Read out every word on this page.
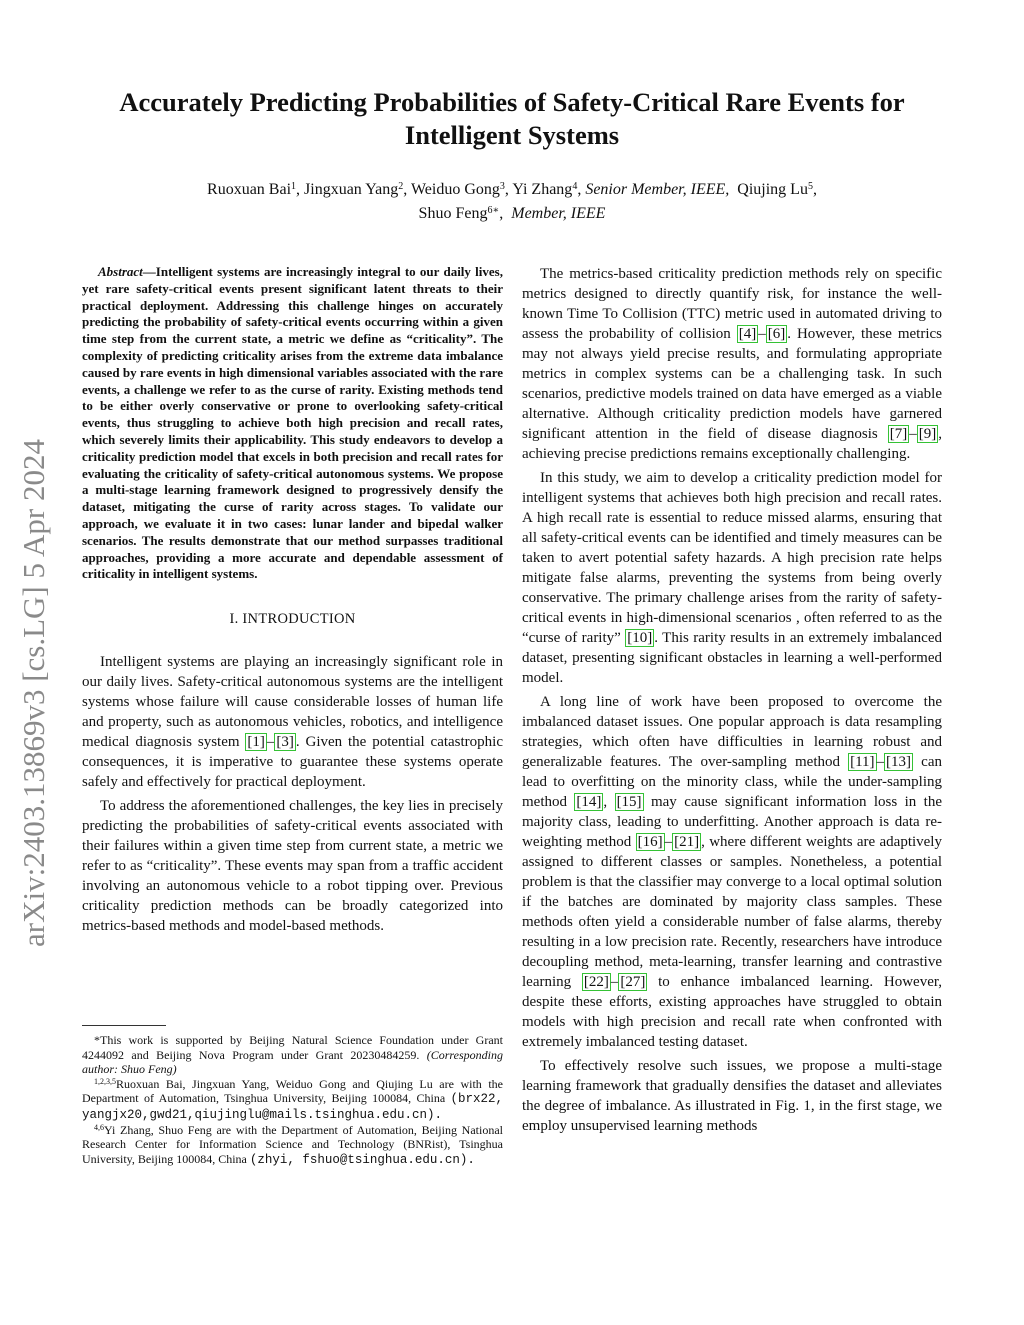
arXiv:2403.13869v3 [cs.LG] 5 Apr 2024
Accurately Predicting Probabilities of Safety-Critical Rare Events for Intelligent Systems
Ruoxuan Bai$^1$, Jingxuan Yang$^2$, Weiduo Gong$^3$, Yi Zhang$^4$, Senior Member, IEEE, Qiujing Lu$^5$,
Shuo Feng$^{6∗}$,  Member, IEEE

Abstract—Intelligent systems are increasingly integral to our daily lives, yet rare safety-critical events present significant latent threats to their practical deployment. Addressing this challenge hinges on accurately predicting the probability of safety-critical events occurring within a given time step from the current state, a metric we define as “criticality”. The complexity of predicting criticality arises from the extreme data imbalance caused by rare events in high dimensional variables associated with the rare events, a challenge we refer to as the curse of rarity. Existing methods tend to be either overly conservative or prone to overlooking safety-critical events, thus struggling to achieve both high precision and recall rates, which severely limits their applicability. This study endeavors to develop a criticality prediction model that excels in both precision and recall rates for evaluating the criticality of safety-critical autonomous systems. We propose a multi-stage learning framework designed to progressively densify the dataset, mitigating the curse of rarity across stages. To validate our approach, we evaluate it in two cases: lunar lander and bipedal walker scenarios. The results demonstrate that our method surpasses traditional approaches, providing a more accurate and dependable assessment of criticality in intelligent systems.

I. INTRODUCTION

Intelligent systems are playing an increasingly significant role in our daily lives. Safety-critical autonomous systems are the intelligent systems whose failure will cause considerable losses of human life and property, such as autonomous vehicles, robotics, and intelligence medical diagnosis system [1] – [3] . Given the potential catastrophic consequences, it is imperative to guarantee these systems operate safely and effectively for practical deployment.

To address the aforementioned challenges, the key lies in precisely predicting the probabilities of safety-critical events associated with their failures within a given time step from current state, a metric we refer to as “criticality”. These events may span from a traffic accident involving an autonomous vehicle to a robot tipping over. Previous criticality prediction methods can be broadly categorized into metrics-based methods and model-based methods.

*This work is supported by Beijing Natural Science Foundation under Grant 4244092 and Beijing Nova Program under Grant 20230484259. (Corresponding author: Shuo Feng)

$^{1,2,3,5}$Ruoxuan Bai, Jingxuan Yang, Weiduo Gong and Qiujing Lu are with the Department of Automation, Tsinghua University, Beijing 100084, China (brx22, yangjx20,gwd21,qiujinglu@mails.tsinghua.edu.cn).

$^{4,6}$Yi Zhang, Shuo Feng are with the Department of Automation, Beijing National Research Center for Information Science and Technology (BNRist), Tsinghua University, Beijing 100084, China (zhyi, fshuo@tsinghua.edu.cn).

The metrics-based criticality prediction methods rely on specific metrics designed to directly quantify risk, for instance the well-known Time To Collision (TTC) metric used in automated driving to assess the probability of collision [4] – [6] . However, these metrics may not always yield precise results, and formulating appropriate metrics in complex systems can be a challenging task. In such scenarios, predictive models trained on data have emerged as a viable alternative. Although criticality prediction models have garnered significant attention in the field of disease diagnosis [7] – [9] , achieving precise predictions remains exceptionally challenging.

In this study, we aim to develop a criticality prediction model for intelligent systems that achieves both high precision and recall rates. A high recall rate is essential to reduce missed alarms, ensuring that all safety-critical events can be identified and timely measures can be taken to avert potential safety hazards. A high precision rate helps mitigate false alarms, preventing the systems from being overly conservative. The primary challenge arises from the rarity of safety-critical events in high-dimensional scenarios , often referred to as the “curse of rarity” [10] . This rarity results in an extremely imbalanced dataset, presenting significant obstacles in learning a well-performed model.

A long line of work have been proposed to overcome the imbalanced dataset issues. One popular approach is data resampling strategies, which often have difficulties in learning robust and generalizable features. The over-sampling method [11] – [13] can lead to overfitting on the minority class, while the under-sampling method [14] , [15] may cause significant information loss in the majority class, leading to underfitting. Another approach is data re-weighting method [16] – [21] , where different weights are adaptively assigned to different classes or samples. Nonetheless, a potential problem is that the classifier may converge to a local optimal solution if the batches are dominated by majority class samples. These methods often yield a considerable number of false alarms, thereby resulting in a low precision rate. Recently, researchers have introduce decoupling method, meta-learning, transfer learning and contrastive learning [22] – [27] to enhance imbalanced learning. However, despite these efforts, existing approaches have struggled to obtain models with high precision and recall rate when confronted with extremely imbalanced testing dataset.

To effectively resolve such issues, we propose a multi-stage learning framework that gradually densifies the dataset and alleviates the degree of imbalance. As illustrated in Fig. 1, in the first stage, we employ unsupervised learning methods
